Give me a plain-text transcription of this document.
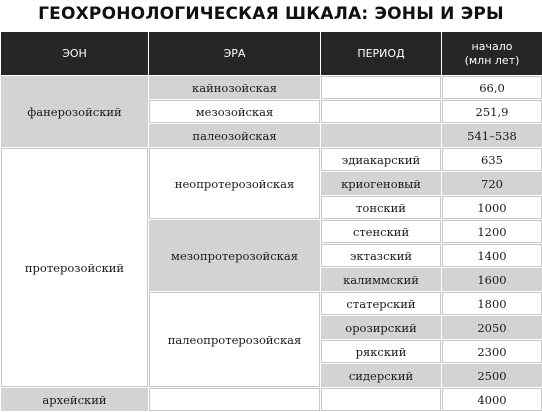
ГЕОХРОНОЛОГИЧЕСКАЯ ШКАЛА: ЭОНЫ И ЭРЫ
ЭОН	ЭРА	ПЕРИОД	начало
(млн лет)

фанерозойский	кайнозойская		66,0
	мезозойская		251,9
	палеозойская		541–538
протерозойский	неопротерозойская	эдиакарский	635
		криогеновый	720
		тонский	1000
	мезопротерозойская	стенский	1200
		эктазский	1400
		калиммский	1600
	палеопротерозойская	статерский	1800
		орозирский	2050
		рякский	2300
		сидерский	2500
архейский			4000
